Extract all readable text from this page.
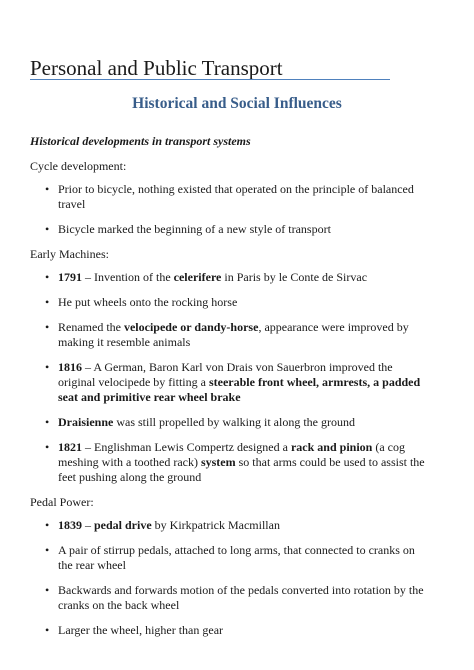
Personal and Public Transport
Historical and Social Influences

Historical developments in transport systems

Cycle development:

• Prior to bicycle, nothing existed that operated on the principle of balanced travel
• Bicycle marked the beginning of a new style of transport

Early Machines:

• 1791 – Invention of the celerifere in Paris by le Conte de Sirvac
• He put wheels onto the rocking horse
• Renamed the velocipede or dandy-horse, appearance were improved by making it resemble animals
• 1816 – A German, Baron Karl von Drais von Sauerbron improved the original velocipede by fitting a steerable front wheel, armrests, a padded seat and primitive rear wheel brake
• Draisienne was still propelled by walking it along the ground
• 1821 – Englishman Lewis Compertz designed a rack and pinion (a cog meshing with a toothed rack) system so that arms could be used to assist the feet pushing along the ground

Pedal Power:

• 1839 – pedal drive by Kirkpatrick Macmillan
• A pair of stirrup pedals, attached to long arms, that connected to cranks on the rear wheel
• Backwards and forwards motion of the pedals converted into rotation by the cranks on the back wheel
• Larger the wheel, higher than gear
